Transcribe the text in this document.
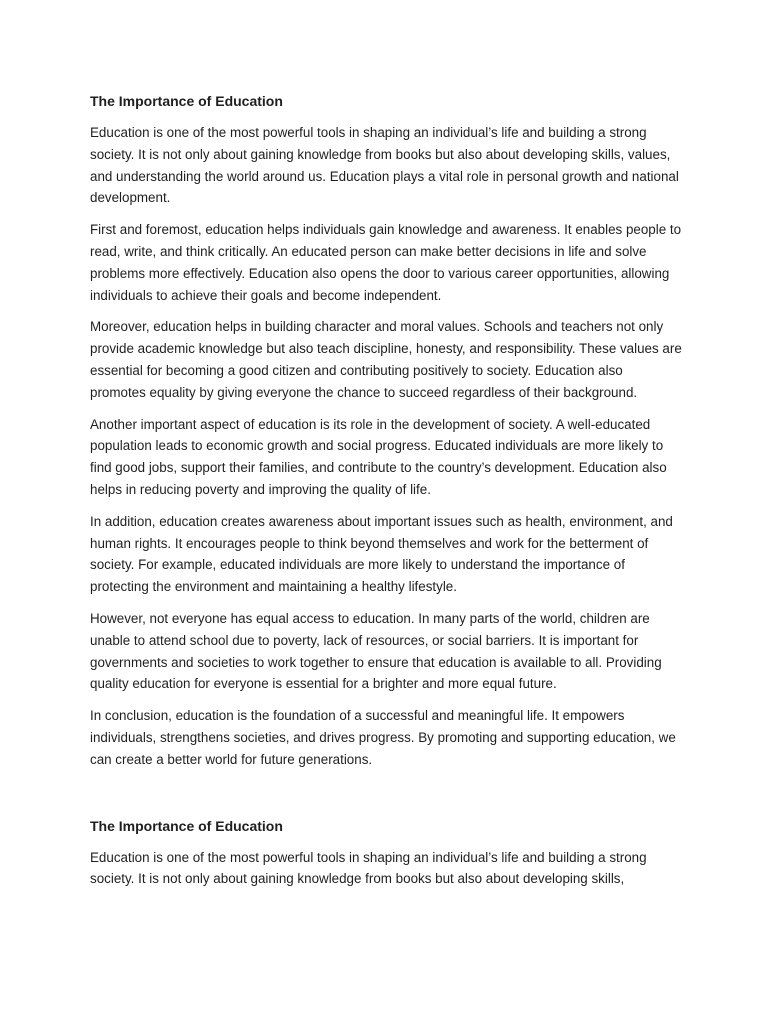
The Importance of Education

Education is one of the most powerful tools in shaping an individual’s life and building a strong society. It is not only about gaining knowledge from books but also about developing skills, values, and understanding the world around us. Education plays a vital role in personal growth and national development.

First and foremost, education helps individuals gain knowledge and awareness. It enables people to read, write, and think critically. An educated person can make better decisions in life and solve problems more effectively. Education also opens the door to various career opportunities, allowing individuals to achieve their goals and become independent.

Moreover, education helps in building character and moral values. Schools and teachers not only provide academic knowledge but also teach discipline, honesty, and responsibility. These values are essential for becoming a good citizen and contributing positively to society. Education also promotes equality by giving everyone the chance to succeed regardless of their background.

Another important aspect of education is its role in the development of society. A well-educated population leads to economic growth and social progress. Educated individuals are more likely to find good jobs, support their families, and contribute to the country’s development. Education also helps in reducing poverty and improving the quality of life.

In addition, education creates awareness about important issues such as health, environment, and human rights. It encourages people to think beyond themselves and work for the betterment of society. For example, educated individuals are more likely to understand the importance of protecting the environment and maintaining a healthy lifestyle.

However, not everyone has equal access to education. In many parts of the world, children are unable to attend school due to poverty, lack of resources, or social barriers. It is important for governments and societies to work together to ensure that education is available to all. Providing quality education for everyone is essential for a brighter and more equal future.

In conclusion, education is the foundation of a successful and meaningful life. It empowers individuals, strengthens societies, and drives progress. By promoting and supporting education, we can create a better world for future generations.

The Importance of Education

Education is one of the most powerful tools in shaping an individual’s life and building a strong society. It is not only about gaining knowledge from books but also about developing skills,
